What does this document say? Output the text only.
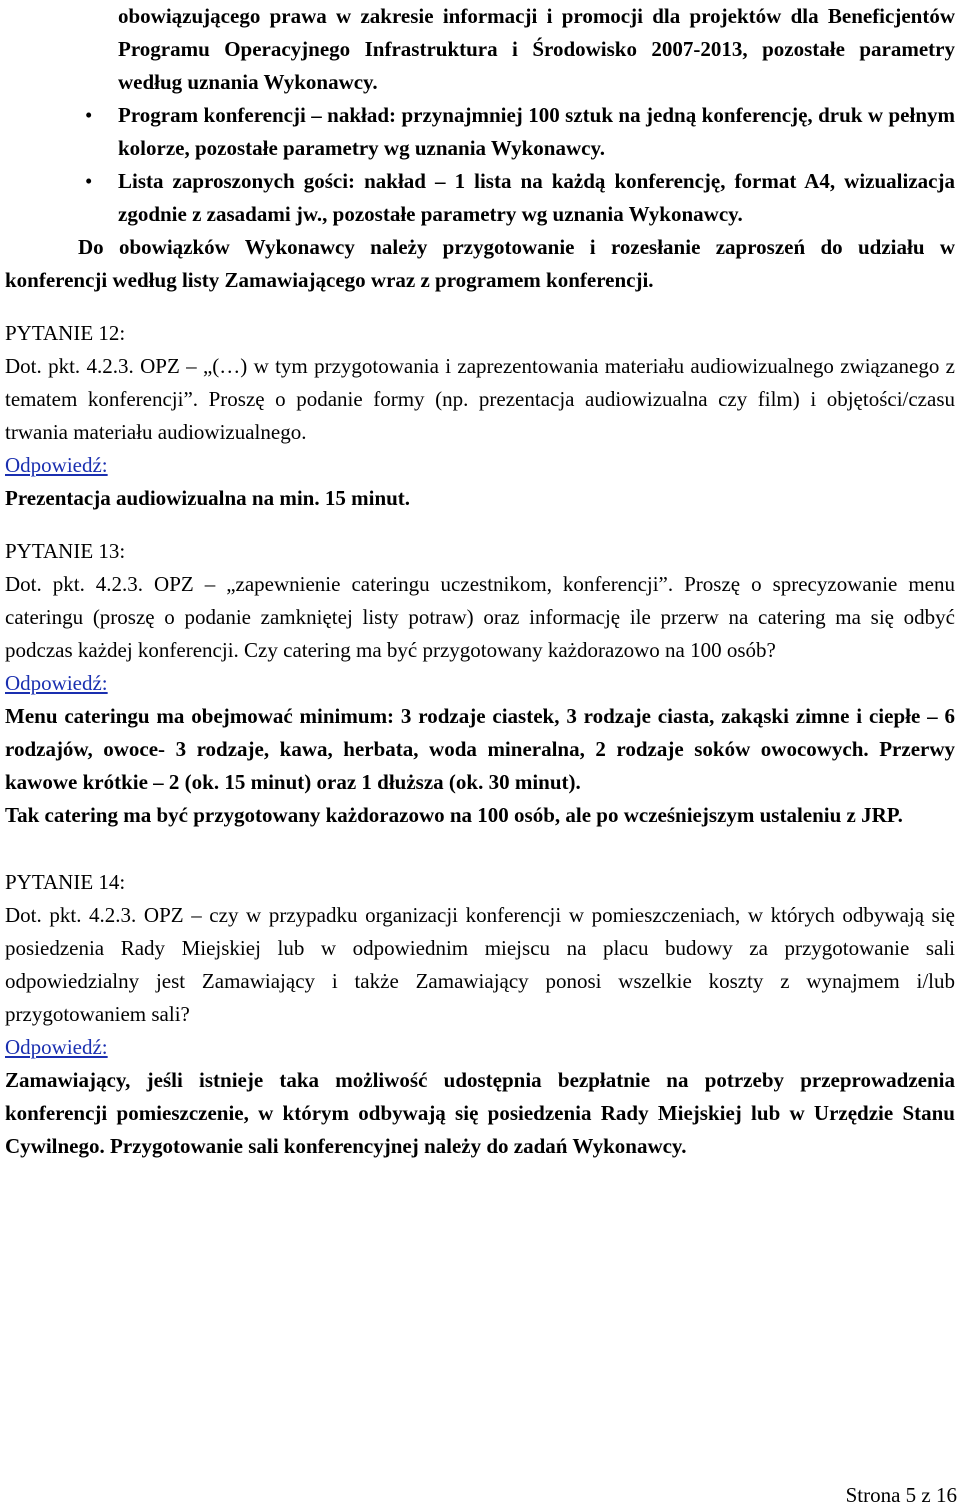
obowiązującego prawa w zakresie informacji i promocji dla projektów dla Beneficjentów Programu Operacyjnego Infrastruktura i Środowisko 2007-2013, pozostałe parametry według uznania Wykonawcy.

• Program konferencji – nakład: przynajmniej 100 sztuk na jedną konferencję, druk w pełnym kolorze, pozostałe parametry wg uznania Wykonawcy.

• Lista zaproszonych gości: nakład – 1 lista na każdą konferencję, format A4, wizualizacja zgodnie z zasadami jw., pozostałe parametry wg uznania Wykonawcy.

Do obowiązków Wykonawcy należy przygotowanie i rozesłanie zaproszeń do udziału w konferencji według listy Zamawiającego wraz z programem konferencji.

PYTANIE 12:

Dot. pkt. 4.2.3. OPZ – „(…) w tym przygotowania i zaprezentowania materiału audiowizualnego związanego z tematem konferencji”. Proszę o podanie formy (np. prezentacja audiowizualna czy film) i objętości/czasu trwania materiału audiowizualnego.

Odpowiedź:

Prezentacja audiowizualna na min. 15 minut.

PYTANIE 13:

Dot. pkt. 4.2.3. OPZ – „zapewnienie cateringu uczestnikom, konferencji”. Proszę o sprecyzowanie menu cateringu (proszę o podanie zamkniętej listy potraw) oraz informację ile przerw na catering ma się odbyć podczas każdej konferencji. Czy catering ma być przygotowany każdorazowo na 100 osób?

Odpowiedź:

Menu cateringu ma obejmować minimum: 3 rodzaje ciastek, 3 rodzaje ciasta, zakąski zimne i ciepłe – 6 rodzajów, owoce- 3 rodzaje, kawa, herbata, woda mineralna, 2 rodzaje soków owocowych. Przerwy kawowe krótkie – 2 (ok. 15 minut) oraz 1 dłuższa (ok. 30 minut).

Tak catering ma być przygotowany każdorazowo na 100 osób, ale po wcześniejszym ustaleniu z JRP.

PYTANIE 14:

Dot. pkt. 4.2.3. OPZ – czy w przypadku organizacji konferencji w pomieszczeniach, w których odbywają się posiedzenia Rady Miejskiej lub w odpowiednim miejscu na placu budowy za przygotowanie sali odpowiedzialny jest Zamawiający i także Zamawiający ponosi wszelkie koszty z wynajmem i/lub przygotowaniem sali?

Odpowiedź:

Zamawiający, jeśli istnieje taka możliwość udostępnia bezpłatnie na potrzeby przeprowadzenia konferencji pomieszczenie, w którym odbywają się posiedzenia Rady Miejskiej lub w Urzędzie Stanu Cywilnego. Przygotowanie sali konferencyjnej należy do zadań Wykonawcy.

Strona 5 z 16
